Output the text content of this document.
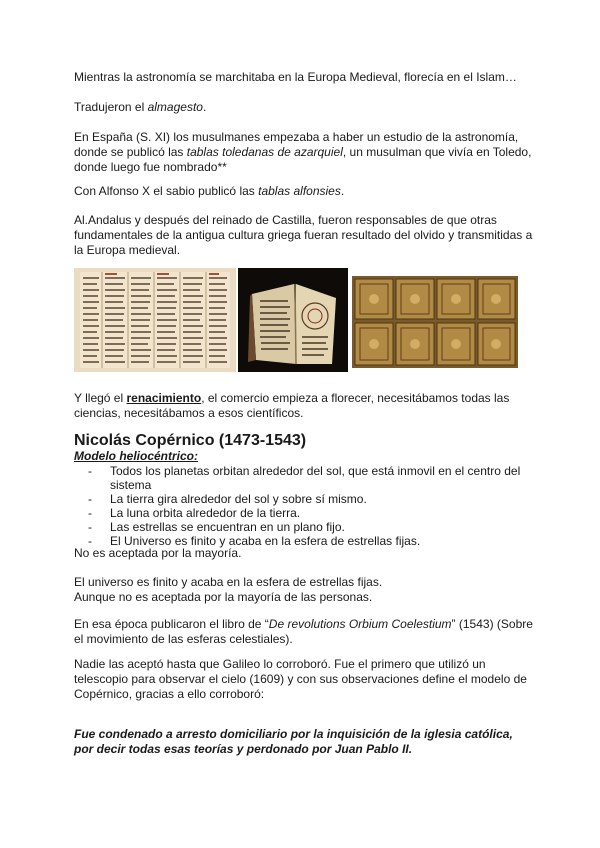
Mientras la astronomía se marchitaba en la Europa Medieval, florecía en el Islam…

Tradujeron el almagesto.

En España (S. XI) los musulmanes empezaba a haber un estudio de la astronomía, donde se publicó las tablas toledanas de azarquiel, un musulman que vivía en Toledo, donde luego fue nombrado**

Con Alfonso X el sabio publicó las tablas alfonsies.

Al.Andalus y después del reinado de Castilla, fueron responsables de que otras fundamentales de la antigua cultura griega fueran resultado del olvido y transmitidas a la Europa medieval.

Y llegó el renacimiento, el comercio empieza a florecer, necesitábamos todas las ciencias, necesitábamos a esos científicos.

Nicolás Copérnico (1473-1543)
Modelo heliocéntrico:
- Todos los planetas orbitan alrededor del sol, que está inmovil en el centro del sistema
- La tierra gira alrededor del sol y sobre sí mismo.
- La luna orbita alrededor de la tierra.
- Las estrellas se encuentran en un plano fijo.
- El Universo es finito y acaba en la esfera de estrellas fijas.

No es aceptada por la mayoría.

El universo es finito y acaba en la esfera de estrellas fijas.
Aunque no es aceptada por la mayoría de las personas.

En esa época publicaron el libro de “De revolutions Orbium Coelestium” (1543) (Sobre el movimiento de las esferas celestiales).

Nadie las aceptó hasta que Galileo lo corroboró. Fue el primero que utilizó un telescopio para observar el cielo (1609) y con sus observaciones define el modelo de Copérnico, gracias a ello corroboró:

Fue condenado a arresto domiciliario por la inquisición de la iglesia católica, por decir todas esas teorías y perdonado por Juan Pablo II.
